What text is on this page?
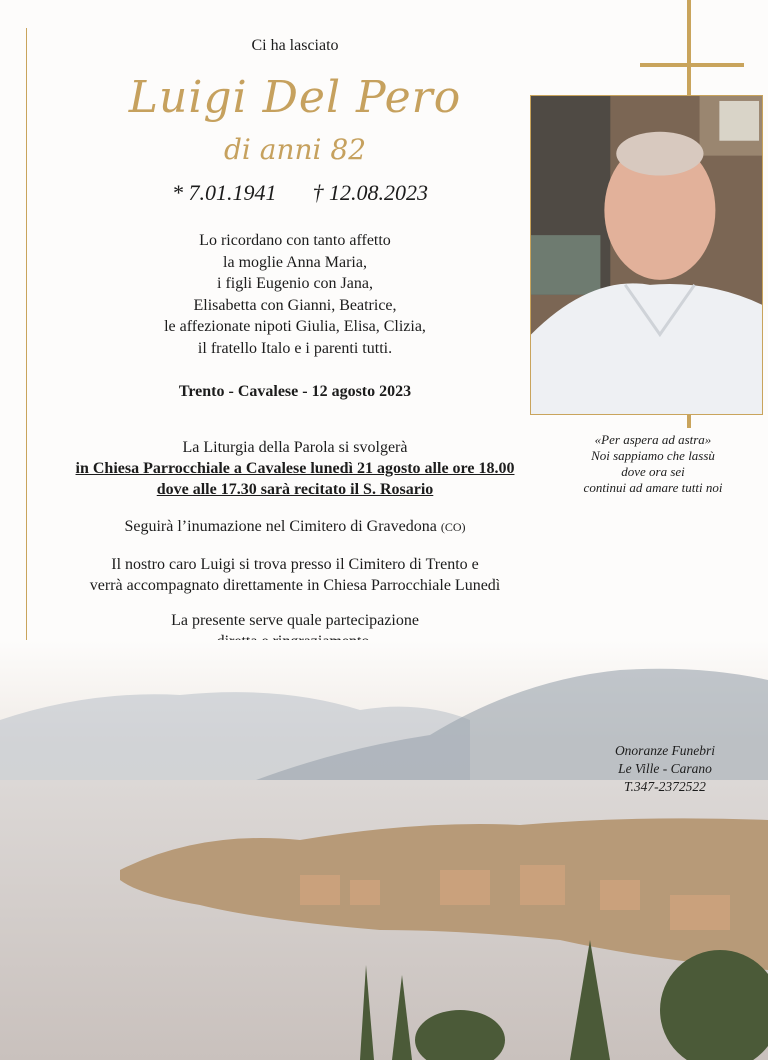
Ci ha lasciato
Luigi Del Pero
di anni 82
* 7.01.1941 † 12.08.2023
Lo ricordano con tanto affetto
la moglie Anna Maria,
i figli Eugenio con Jana,
Elisabetta con Gianni, Beatrice,
le affezionate nipoti Giulia, Elisa, Clizia,
il fratello Italo e i parenti tutti.
Trento - Cavalese - 12 agosto 2023
La Liturgia della Parola si svolgerà
in Chiesa Parrocchiale a Cavalese lunedì 21 agosto alle ore 18.00
dove alle 17.30 sarà recitato il S. Rosario
Seguirà l’inumazione nel Cimitero di Gravedona (CO)
Il nostro caro Luigi si trova presso il Cimitero di Trento e
verrà accompagnato direttamente in Chiesa Parrocchiale Lunedì
La presente serve quale partecipazione
«Per aspera ad astra»
Noi sappiamo che lassù
dove ora sei
continui ad amare tutti noi
Onoranze Funebri
Le Ville - Carano
T.347-2372522
